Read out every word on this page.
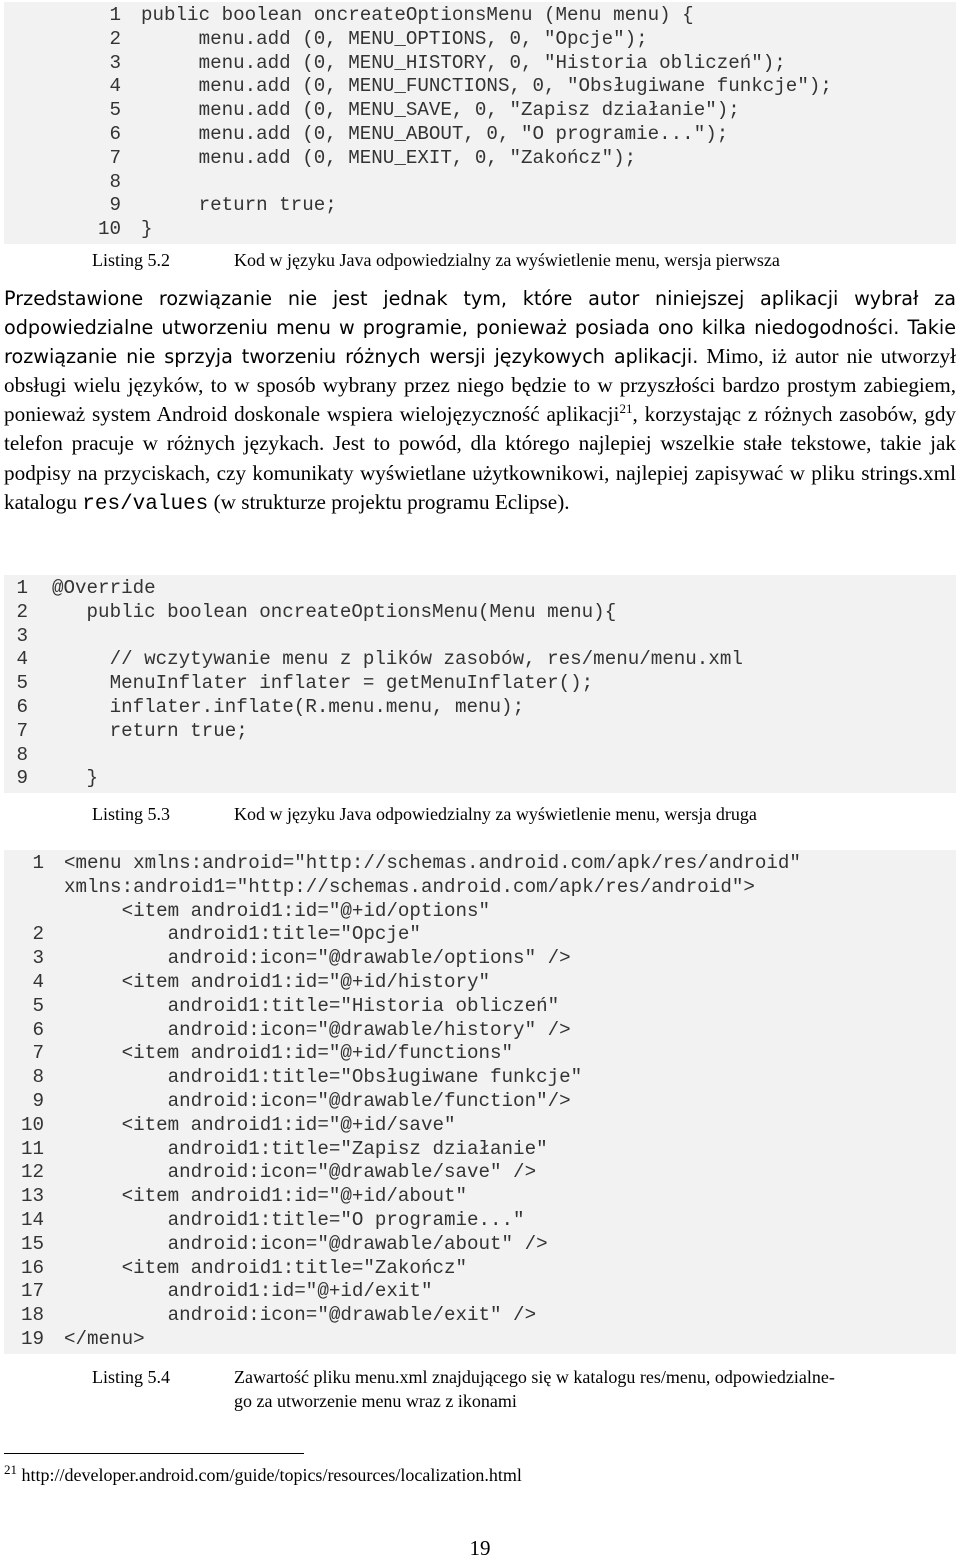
1	public boolean oncreateOptionsMenu (Menu menu) {
2	menu.add (0, MENU_OPTIONS, 0, "Opcje");
3	menu.add (0, MENU_HISTORY, 0, "Historia obliczeń");
4	menu.add (0, MENU_FUNCTIONS, 0, "Obsługiwane funkcje");
5	menu.add (0, MENU_SAVE, 0, "Zapisz działanie");
6	menu.add (0, MENU_ABOUT, 0, "O programie...");
7	menu.add (0, MENU_EXIT, 0, "Zakończ");
8
9	return true;
10	}
Listing 5.2	Kod w języku Java odpowiedzialny za wyświetlenie menu, wersja pierwsza
Przedstawione rozwiązanie nie jest jednak tym, które autor niniejszej aplikacji wybrał za odpowiedzialne utworzeniu menu w programie, ponieważ posiada ono kilka niedogodności. Takie rozwiązanie nie sprzyja tworzeniu różnych wersji językowych aplikacji. Mimo, iż autor nie utworzył obsługi wielu języków, to w sposób wybrany przez niego będzie to w przyszłości bardzo prostym zabiegiem, ponieważ system Android doskonale wspiera wielojęzyczność aplikacji$^{21}$, korzystając z różnych zasobów, gdy telefon pracuje w różnych językach. Jest to powód, dla którego najlepiej wszelkie stałe tekstowe, takie jak podpisy na przyciskach, czy komunikaty wyświetlane użytkownikowi, najlepiej zapisywać w pliku strings.xml katalogu res/values (w strukturze projektu programu Eclipse).
1	@Override
2	public boolean oncreateOptionsMenu(Menu menu){
3
4	// wczytywanie menu z plików zasobów, res/menu/menu.xml
5	MenuInflater inflater = getMenuInflater();
6	inflater.inflate(R.menu.menu, menu);
7	return true;
8
9	}
Listing 5.3	Kod w języku Java odpowiedzialny za wyświetlenie menu, wersja druga
1	<menu xmlns:android="http://schemas.android.com/apk/res/android"
xmlns:android1="http://schemas.android.com/apk/res/android">
<item android1:id="@+id/options"
2	android1:title="Opcje"
3	android:icon="@drawable/options" />
4	<item android1:id="@+id/history"
5	android1:title="Historia obliczeń"
6	android:icon="@drawable/history" />
7	<item android1:id="@+id/functions"
8	android1:title="Obsługiwane funkcje"
9	android:icon="@drawable/function"/>
10	<item android1:id="@+id/save"
11	android1:title="Zapisz działanie"
12	android:icon="@drawable/save" />
13	<item android1:id="@+id/about"
14	android1:title="O programie..."
15	android:icon="@drawable/about" />
16	<item android1:title="Zakończ"
17	android1:id="@+id/exit"
18	android:icon="@drawable/exit" />
19	</menu>
Listing 5.4	Zawartość pliku menu.xml znajdującego się w katalogu res/menu, odpowiedzialne-
go za utworzenie menu wraz z ikonami
$^{21}$ http://developer.android.com/guide/topics/resources/localization.html
19
